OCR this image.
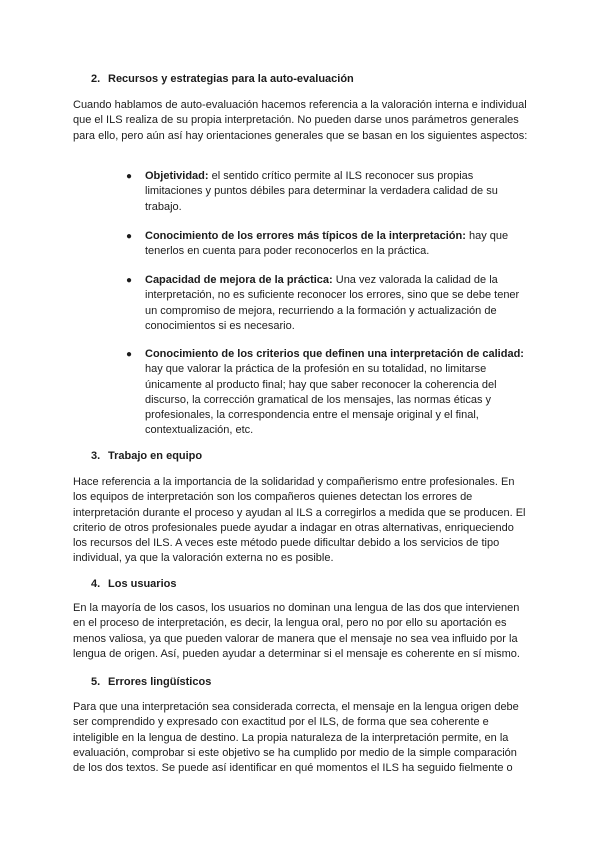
2. Recursos y estrategias para la auto-evaluación

Cuando hablamos de auto-evaluación hacemos referencia a la valoración interna e individual que el ILS realiza de su propia interpretación. No pueden darse unos parámetros generales para ello, pero aún así hay orientaciones generales que se basan en los siguientes aspectos:

● Objetividad: el sentido crítico permite al ILS reconocer sus propias limitaciones y puntos débiles para determinar la verdadera calidad de su trabajo.
● Conocimiento de los errores más típicos de la interpretación: hay que tenerlos en cuenta para poder reconocerlos en la práctica.
● Capacidad de mejora de la práctica: Una vez valorada la calidad de la interpretación, no es suficiente reconocer los errores, sino que se debe tener un compromiso de mejora, recurriendo a la formación y actualización de conocimientos si es necesario.
● Conocimiento de los criterios que definen una interpretación de calidad: hay que valorar la práctica de la profesión en su totalidad, no limitarse únicamente al producto final; hay que saber reconocer la coherencia del discurso, la corrección gramatical de los mensajes, las normas éticas y profesionales, la correspondencia entre el mensaje original y el final, contextualización, etc.
3. Trabajo en equipo

Hace referencia a la importancia de la solidaridad y compañerismo entre profesionales. En los equipos de interpretación son los compañeros quienes detectan los errores de interpretación durante el proceso y ayudan al ILS a corregirlos a medida que se producen. El criterio de otros profesionales puede ayudar a indagar en otras alternativas, enriqueciendo los recursos del ILS. A veces este método puede dificultar debido a los servicios de tipo individual, ya que la valoración externa no es posible.

4. Los usuarios

En la mayoría de los casos, los usuarios no dominan una lengua de las dos que intervienen en el proceso de interpretación, es decir, la lengua oral, pero no por ello su aportación es menos valiosa, ya que pueden valorar de manera que el mensaje no sea vea influido por la lengua de origen. Así, pueden ayudar a determinar si el mensaje es coherente en sí mismo.

5. Errores lingüísticos

Para que una interpretación sea considerada correcta, el mensaje en la lengua origen debe ser comprendido y expresado con exactitud por el ILS, de forma que sea coherente e inteligible en la lengua de destino. La propia naturaleza de la interpretación permite, en la evaluación, comprobar si este objetivo se ha cumplido por medio de la simple comparación de los dos textos. Se puede así identificar en qué momentos el ILS ha seguido fielmente o
